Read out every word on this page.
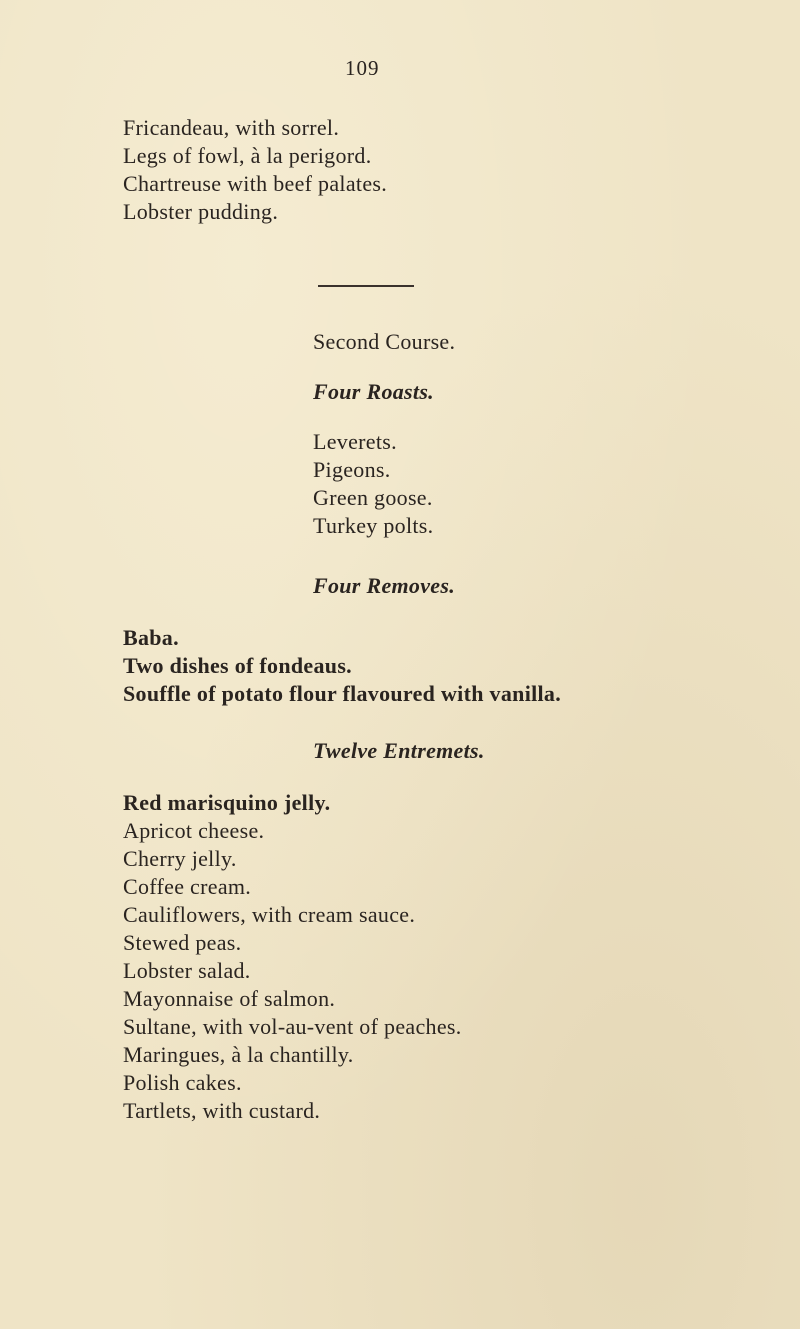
109
Fricandeau, with sorrel.
Legs of fowl, à la perigord.
Chartreuse with beef palates.
Lobster pudding.
Second Course.
Four Roasts.
Leverets.
Pigeons.
Green goose.
Turkey polts.
Four Removes.
Baba.
Two dishes of fondeaus.
Souffle of potato flour flavoured with vanilla.
Twelve Entremets.
Red marisquino jelly.
Apricot cheese.
Cherry jelly.
Coffee cream.
Cauliflowers, with cream sauce.
Stewed peas.
Lobster salad.
Mayonnaise of salmon.
Sultane, with vol-au-vent of peaches.
Maringues, à la chantilly.
Polish cakes.
Tartlets, with custard.
